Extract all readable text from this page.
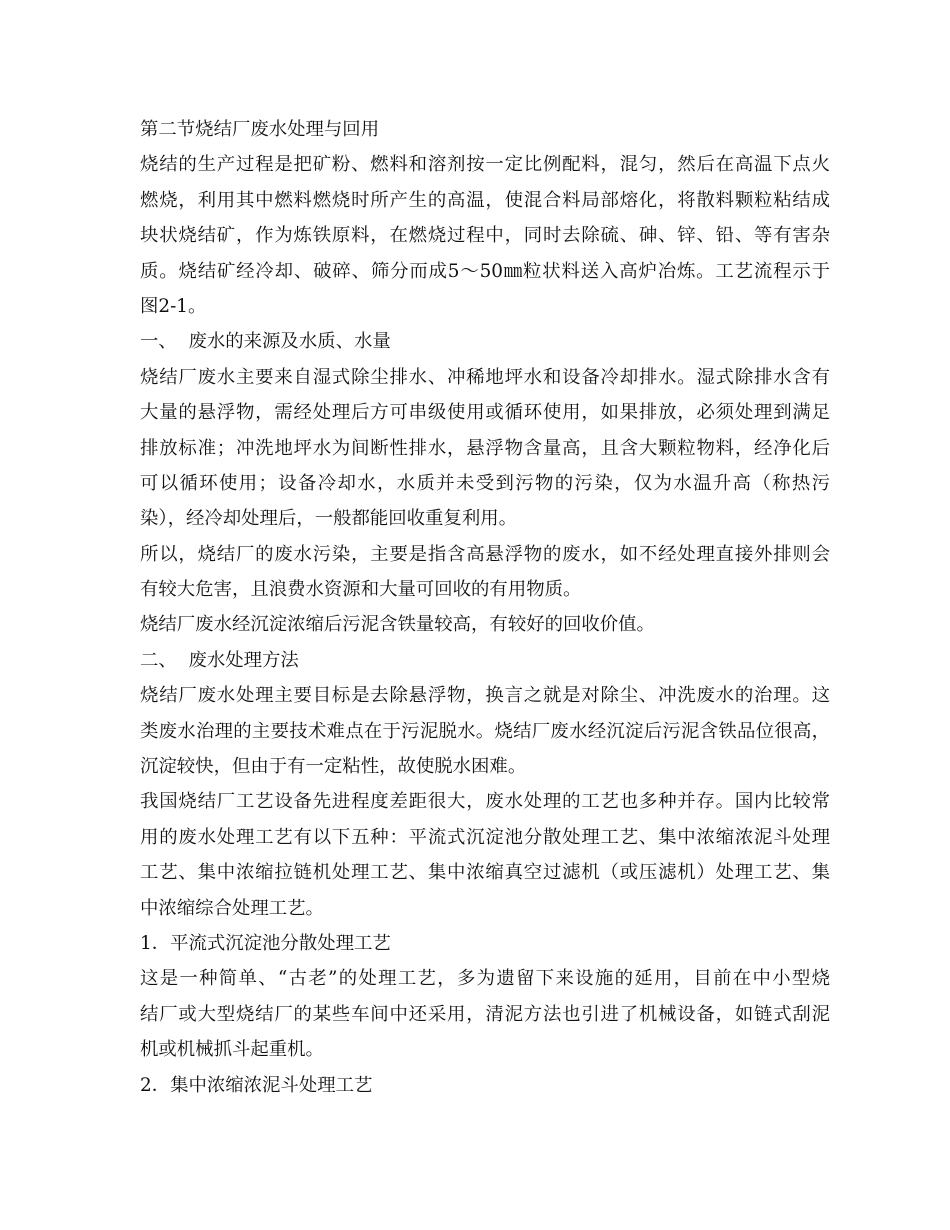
第二节烧结厂废水处理与回用
烧结的生产过程是把矿粉、燃料和溶剂按一定比例配料，混匀，然后在高温下点火
燃烧，利用其中燃料燃烧时所产生的高温，使混合料局部熔化，将散料颗粒粘结成
块状烧结矿，作为炼铁原料，在燃烧过程中，同时去除硫、砷、锌、铅、等有害杂
质。烧结矿经冷却、破碎、筛分而成5～50㎜粒状料送入高炉冶炼。工艺流程示于
图2-1。
一、  废水的来源及水质、水量
烧结厂废水主要来自湿式除尘排水、冲稀地坪水和设备冷却排水。湿式除排水含有
大量的悬浮物，需经处理后方可串级使用或循环使用，如果排放，必须处理到满足
排放标准；冲洗地坪水为间断性排水，悬浮物含量高，且含大颗粒物料，经净化后
可以循环使用；设备冷却水，水质并未受到污物的污染，仅为水温升高（称热污
染），经冷却处理后，一般都能回收重复利用。
所以，烧结厂的废水污染，主要是指含高悬浮物的废水，如不经处理直接外排则会
有较大危害，且浪费水资源和大量可回收的有用物质。
烧结厂废水经沉淀浓缩后污泥含铁量较高，有较好的回收价值。
二、  废水处理方法
烧结厂废水处理主要目标是去除悬浮物，换言之就是对除尘、冲洗废水的治理。这
类废水治理的主要技术难点在于污泥脱水。烧结厂废水经沉淀后污泥含铁品位很高，
沉淀较快，但由于有一定粘性，故使脱水困难。
我国烧结厂工艺设备先进程度差距很大，废水处理的工艺也多种并存。国内比较常
用的废水处理工艺有以下五种：平流式沉淀池分散处理工艺、集中浓缩浓泥斗处理
工艺、集中浓缩拉链机处理工艺、集中浓缩真空过滤机（或压滤机）处理工艺、集
中浓缩综合处理工艺。
1．平流式沉淀池分散处理工艺
这是一种简单、“古老”的处理工艺，多为遗留下来设施的延用，目前在中小型烧
结厂或大型烧结厂的某些车间中还采用，清泥方法也引进了机械设备，如链式刮泥
机或机械抓斗起重机。
2．集中浓缩浓泥斗处理工艺
